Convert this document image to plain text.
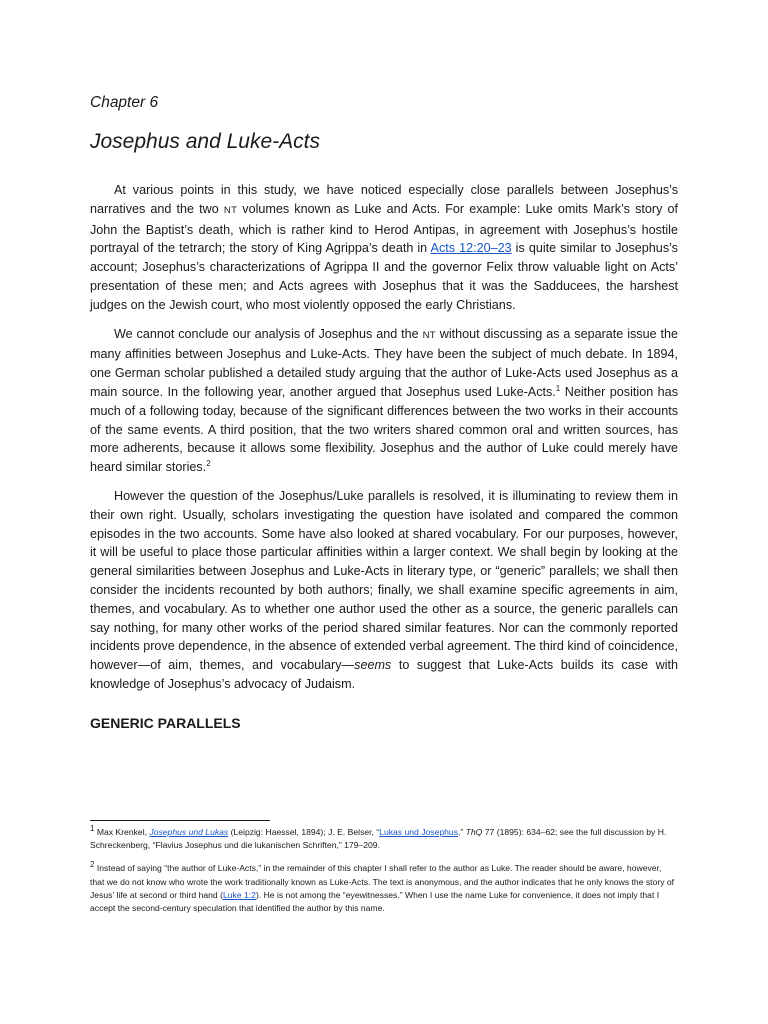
Chapter 6

Josephus and Luke-Acts

At various points in this study, we have noticed especially close parallels between Josephus’s narratives and the two NT volumes known as Luke and Acts. For example: Luke omits Mark’s story of John the Baptist’s death, which is rather kind to Herod Antipas, in agreement with Josephus’s hostile portrayal of the tetrarch; the story of King Agrippa’s death in Acts 12:20–23 is quite similar to Josephus’s account; Josephus’s characterizations of Agrippa II and the governor Felix throw valuable light on Acts’ presentation of these men; and Acts agrees with Josephus that it was the Sadducees, the harshest judges on the Jewish court, who most violently opposed the early Christians.

We cannot conclude our analysis of Josephus and the NT without discussing as a separate issue the many affinities between Josephus and Luke-Acts. They have been the subject of much debate. In 1894, one German scholar published a detailed study arguing that the author of Luke-Acts used Josephus as a main source. In the following year, another argued that Josephus used Luke-Acts.$^1$ Neither position has much of a following today, because of the significant differences between the two works in their accounts of the same events. A third position, that the two writers shared common oral and written sources, has more adherents, because it allows some flexibility. Josephus and the author of Luke could merely have heard similar stories.$^2$

However the question of the Josephus/Luke parallels is resolved, it is illuminating to review them in their own right. Usually, scholars investigating the question have isolated and compared the common episodes in the two accounts. Some have also looked at shared vocabulary. For our purposes, however, it will be useful to place those particular affinities within a larger context. We shall begin by looking at the general similarities between Josephus and Luke-Acts in literary type, or “generic” parallels; we shall then consider the incidents recounted by both authors; finally, we shall examine specific agreements in aim, themes, and vocabulary. As to whether one author used the other as a source, the generic parallels can say nothing, for many other works of the period shared similar features. Nor can the commonly reported incidents prove dependence, in the absence of extended verbal agreement. The third kind of coincidence, however—of aim, themes, and vocabulary—seems to suggest that Luke-Acts builds its case with knowledge of Josephus’s advocacy of Judaism.

GENERIC PARALLELS

$^1$ Max Krenkel, Josephus und Lukas (Leipzig: Haessel, 1894); J. E. Belser, “Lukas und Josephus,” ThQ 77 (1895): 634–62; see the full discussion by H. Schreckenberg, “Flavius Josephus und die lukanischen Schriften,” 179–209.

$^2$ Instead of saying “the author of Luke-Acts,” in the remainder of this chapter I shall refer to the author as Luke. The reader should be aware, however, that we do not know who wrote the work traditionally known as Luke-Acts. The text is anonymous, and the author indicates that he only knows the story of Jesus’ life at second or third hand (Luke 1:2). He is not among the “eyewitnesses.” When I use the name Luke for convenience, it does not imply that I accept the second-century speculation that identified the author by this name.
